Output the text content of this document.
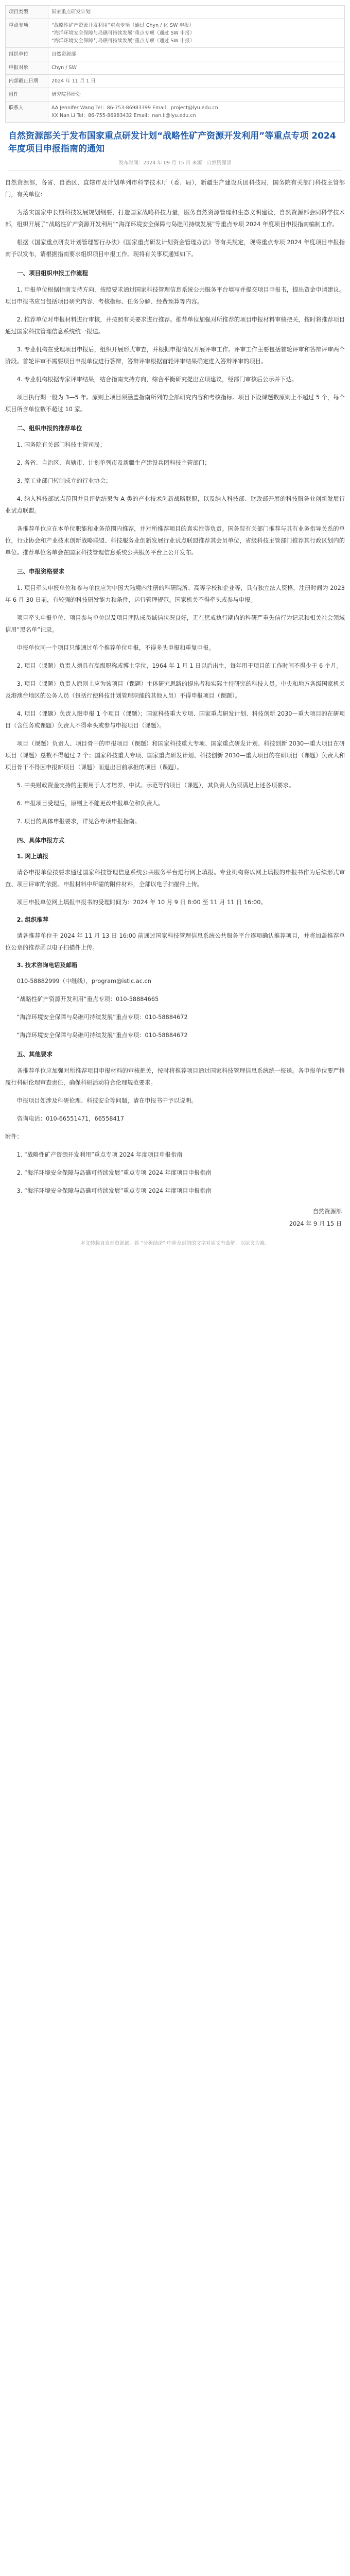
项目类型	国家重点研发计划
重点专项	“战略性矿产资源开发利用”重点专项（通过 Chyn / 化 SW 申报）
“海洋环境安全保障与岛礁可持续发展”重点专项（通过 SW 申报）
“海洋环境安全保障与岛礁可持续发展”重点专项（通过 SW 申报）

组织单位	自然资源部
申报对象	Chyn / SW
内部截止日期	2024 年 11 月 1 日
附件	研究院科研处
联系人	AA Jennifer Wang Tel：86-753-86983399 Email：project@lyu.edu.cn
XX Nan Li Tel：86-755-86983432 Email：nan.li@lyu.edu.cn
自然资源部关于发布国家重点研发计划“战略性矿产资源开发利用”等重点专项 2024 年度项目申报指南的通知
发布时间：2024 年 09 月 15 日 来源：自然资源部

自然资源部，各省、自治区、直辖市及计划单列市科学技术厅（委、局），新疆生产建设兵团科技局，国务院有关部门科技主管部门，有关单位：

为落实国家中长期科技发展规划纲要，打造国家战略科技力量，服务自然资源管理和生态文明建设，自然资源部会同科学技术部，组织开展了“战略性矿产资源开发利用”“海洋环境安全保障与岛礁可持续发展”等重点专项 2024 年度项目申报指南编制工作。

根据《国家重点研发计划管理暂行办法》《国家重点研发计划资金管理办法》等有关规定，现将重点专项 2024 年度项目申报指南予以发布，请根据指南要求组织项目申报工作。现将有关事项通知如下。

一、项目组织申报工作流程

1. 申报单位根据指南支持方向，按照要求通过国家科技管理信息系统公共服务平台填写并提交项目申报书，提出资金申请建议。项目申报书应当包括项目研究内容、考核指标、任务分解、经费预算等内容。

2. 推荐单位对申报材料进行审核，并按照有关要求进行推荐。推荐单位加强对所推荐的项目申报材料审核把关，按时将推荐项目通过国家科技管理信息系统统一报送。

3. 专业机构在受理项目申报后，组织开展形式审查，并根据申报情况开展评审工作。评审工作主要包括首轮评审和答辩评审两个阶段。首轮评审不需要项目申报单位进行答辩，答辩评审根据首轮评审结果确定进入答辩评审的项目。

4. 专业机构根据专家评审结果，结合指南支持方向，综合平衡研究提出立项建议，经部门审核后公示并下达。

项目执行期一般为 3—5 年。原则上项目须涵盖指南所列的全部研究内容和考核指标。项目下设课题数原则上不超过 5 个，每个项目所含单位数不超过 10 家。

二、组织申报的推荐单位

1. 国务院有关部门科技主管司局；

2. 各省、自治区、直辖市、计划单列市及新疆生产建设兵团科技主管部门；

3. 原工业部门转制成立的行业协会；

4. 纳入科技部试点范围并且评估结果为 A 类的产业技术创新战略联盟，以及纳入科技部、财政部开展的科技服务业创新发展行业试点联盟。

各推荐单位应在本单位职能和业务范围内推荐，并对所推荐项目的真实性等负责。国务院有关部门推荐与其有业务指导关系的单位，行业协会和产业技术创新战略联盟、科技服务业创新发展行业试点联盟推荐其会员单位，省级科技主管部门推荐其行政区划内的单位。推荐单位名单会在国家科技管理信息系统公共服务平台上公开发布。

三、申报资格要求

1. 项目牵头申报单位和参与单位应为中国大陆境内注册的科研院所、高等学校和企业等，具有独立法人资格，注册时间为 2023 年 6 月 30 日前，有较强的科技研发能力和条件，运行管理规范。国家机关不得牵头或参与申报。

项目牵头申报单位、项目参与单位以及项目团队成员诚信状况良好，无在惩戒执行期内的科研严重失信行为记录和相关社会领域信用“黑名单”记录。

申报单位同一个项目只能通过单个推荐单位申报，不得多头申报和重复申报。

2. 项目（课题）负责人须具有高级职称或博士学位，1964 年 1 月 1 日以后出生，每年用于项目的工作时间不得少于 6 个月。

3. 项目（课题）负责人原则上应为该项目（课题）主体研究思路的提出者和实际主持研究的科技人员。中央和地方各级国家机关及港澳台地区的公务人员（包括行使科技计划管理职能的其他人员）不得申报项目（课题）。

4. 项目（课题）负责人限申报 1 个项目（课题）；国家科技重大专项、国家重点研发计划、科技创新 2030—重大项目的在研项目（含任务或课题）负责人不得牵头或参与申报项目（课题）。

项目（课题）负责人、项目骨干的申报项目（课题）和国家科技重大专项、国家重点研发计划、科技创新 2030—重大项目在研项目（课题）总数不得超过 2 个；国家科技重大专项、国家重点研发计划、科技创新 2030—重大项目的在研项目（课题）负责人和项目骨干不得因申报新项目（课题）而退出目前承担的项目（课题）。

5. 中央财政资金支持的主要用于人才培养、中试、示范等的项目（课题），其负责人仍须满足上述各项要求。

6. 申报项目受理后，原则上不能更改申报单位和负责人。

7. 项目的具体申报要求，详见各专项申报指南。

四、具体申报方式
1. 网上填报

请各申报单位按要求通过国家科技管理信息系统公共服务平台进行网上填报。专业机构将以网上填报的申报书作为后续形式审查、项目评审的依据。申报材料中所需的附件材料，全部以电子扫描件上传。

项目申报单位网上填报申报书的受理时间为：2024 年 10 月 9 日 8:00 至 11 月 11 日 16:00。

2. 组织推荐

请各推荐单位于 2024 年 11 月 13 日 16:00 前通过国家科技管理信息系统公共服务平台逐项确认推荐项目，并将加盖推荐单位公章的推荐函以电子扫描件上传。

3. 技术咨询电话及邮箱

010-58882999（中继线），program@istic.ac.cn

“战略性矿产资源开发利用”重点专项：010-58884665

“海洋环境安全保障与岛礁可持续发展”重点专项：010-58884672

“海洋环境安全保障与岛礁可持续发展”重点专项：010-58884672

五、其他要求

各推荐单位应加强对所推荐项目申报材料的审核把关，按时将推荐项目通过国家科技管理信息系统统一报送。各申报单位要严格履行科研伦理审查责任，确保科研活动符合伦理规范要求。

申报项目如涉及科研伦理、科技安全等问题，请在申报书中予以说明。

咨询电话：010-66551471，66558417

附件：

1. “战略性矿产资源开发利用”重点专项 2024 年度项目申报指南

2. “海洋环境安全保障与岛礁可持续发展”重点专项 2024 年度项目申报指南

3. “海洋环境安全保障与岛礁可持续发展”重点专项 2024 年度项目申报指南

自然资源部
2024 年 9 月 15 日
本文转载自自然资源部。若 “分析结论” 中涉及到的的文字对原文有曲解，以原文为准。
